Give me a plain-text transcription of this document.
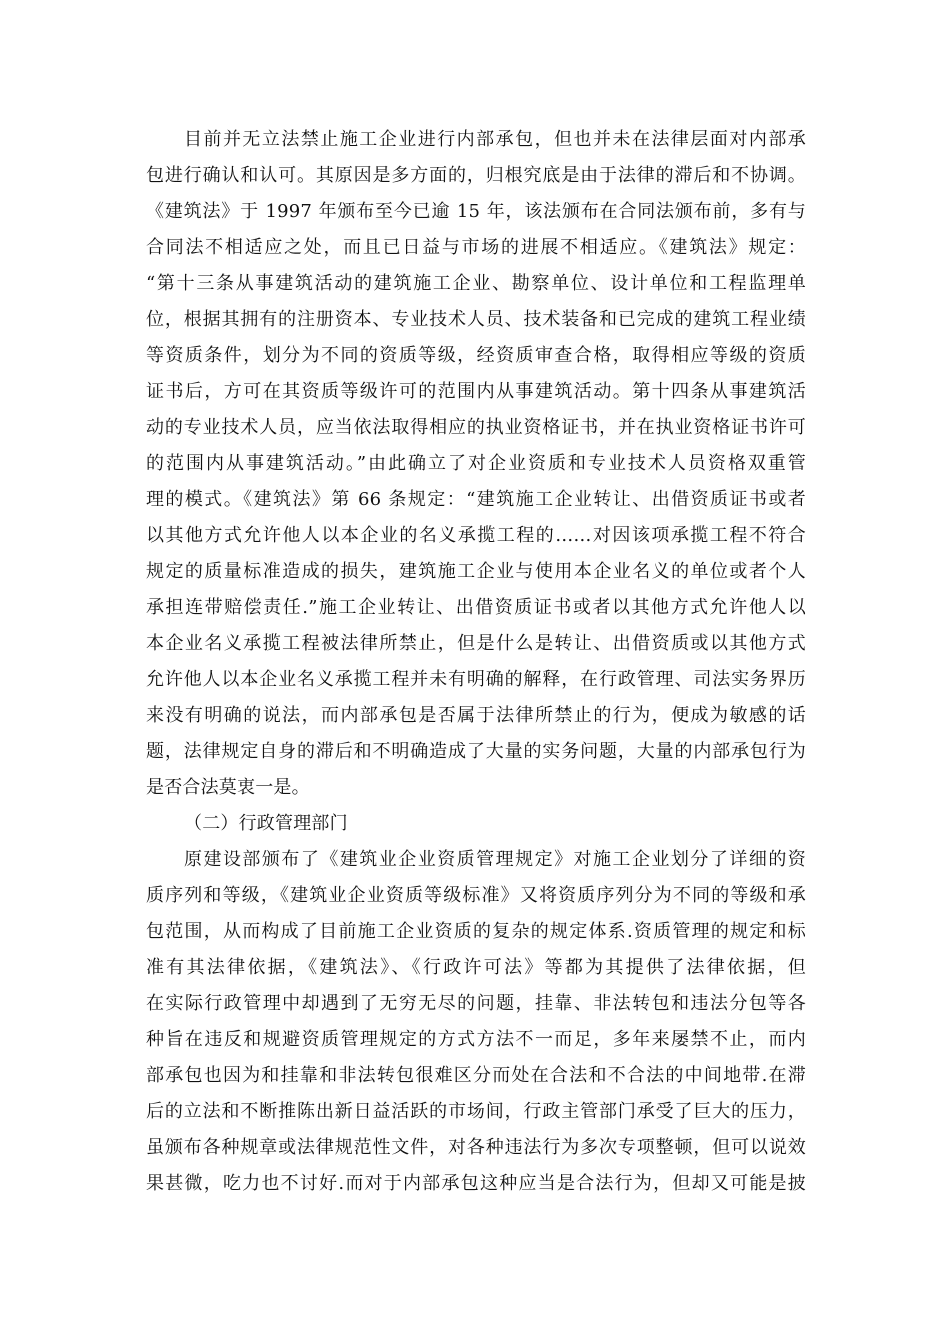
目前并无立法禁止施工企业进行内部承包，但也并未在法律层面对内部承
包进行确认和认可。其原因是多方面的，归根究底是由于法律的滞后和不协调。
《建筑法》于 1997 年颁布至今已逾 15 年，该法颁布在合同法颁布前，多有与
合同法不相适应之处，而且已日益与市场的进展不相适应。《建筑法》规定：
“第十三条从事建筑活动的建筑施工企业、勘察单位、设计单位和工程监理单
位，根据其拥有的注册资本、专业技术人员、技术装备和已完成的建筑工程业绩
等资质条件，划分为不同的资质等级，经资质审查合格，取得相应等级的资质
证书后，方可在其资质等级许可的范围内从事建筑活动。第十四条从事建筑活
动的专业技术人员，应当依法取得相应的执业资格证书，并在执业资格证书许可
的范围内从事建筑活动。”由此确立了对企业资质和专业技术人员资格双重管
理的模式。《建筑法》第 66 条规定：“建筑施工企业转让、出借资质证书或者
以其他方式允许他人以本企业的名义承揽工程的……对因该项承揽工程不符合
规定的质量标准造成的损失，建筑施工企业与使用本企业名义的单位或者个人
承担连带赔偿责任.”施工企业转让、出借资质证书或者以其他方式允许他人以
本企业名义承揽工程被法律所禁止，但是什么是转让、出借资质或以其他方式
允许他人以本企业名义承揽工程并未有明确的解释，在行政管理、司法实务界历
来没有明确的说法，而内部承包是否属于法律所禁止的行为，便成为敏感的话
题，法律规定自身的滞后和不明确造成了大量的实务问题，大量的内部承包行为
是否合法莫衷一是。
（二）行政管理部门
原建设部颁布了《建筑业企业资质管理规定》对施工企业划分了详细的资
质序列和等级，《建筑业企业资质等级标准》又将资质序列分为不同的等级和承
包范围，从而构成了目前施工企业资质的复杂的规定体系.资质管理的规定和标
准有其法律依据，《建筑法》、《行政许可法》等都为其提供了法律依据，但
在实际行政管理中却遇到了无穷无尽的问题，挂靠、非法转包和违法分包等各
种旨在违反和规避资质管理规定的方式方法不一而足，多年来屡禁不止，而内
部承包也因为和挂靠和非法转包很难区分而处在合法和不合法的中间地带.在滞
后的立法和不断推陈出新日益活跃的市场间，行政主管部门承受了巨大的压力，
虽颁布各种规章或法律规范性文件，对各种违法行为多次专项整顿，但可以说效
果甚微，吃力也不讨好.而对于内部承包这种应当是合法行为，但却又可能是披
